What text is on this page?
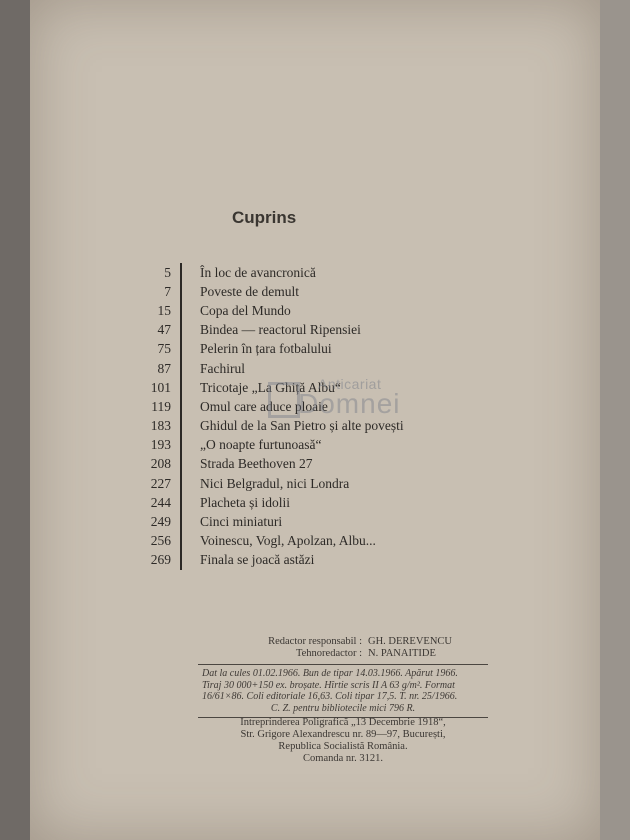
Cuprins
5	În loc de avancronică
7	Poveste de demult
15	Copa del Mundo
47	Bindea — reactorul Ripensiei
75	Pelerin în țara fotbalului
87	Fachirul
101	Tricotaje „La Ghiță Albu“
119	Omul care aduce ploaie
183	Ghidul de la San Pietro și alte povești
193	„O noapte furtunoasă“
208	Strada Beethoven 27
227	Nici Belgradul, nici Londra
244	Placheta și idolii
249	Cinci miniaturi
256	Voinescu, Vogl, Apolzan, Albu...
269	Finala se joacă astăzi
Anticariat
Domnei
Redactor responsabil : GH. DEREVENCU
Tehnoredactor : N. PANAITIDE
Dat la cules 01.02.1966. Bun de tipar 14.03.1966. Apărut 1966.
Tiraj 30 000+150 ex. broșate. Hîrtie scris II A 63 g/m². Format
16/61×86. Coli editoriale 16,63. Coli tipar 17,5. T. nr. 25/1966.
C. Z. pentru bibliotecile mici 796 R.
Intreprinderea Poligrafică „13 Decembrie 1918“,
Str. Grigore Alexandrescu nr. 89—97, București,
Republica Socialistă România.
Comanda nr. 3121.
